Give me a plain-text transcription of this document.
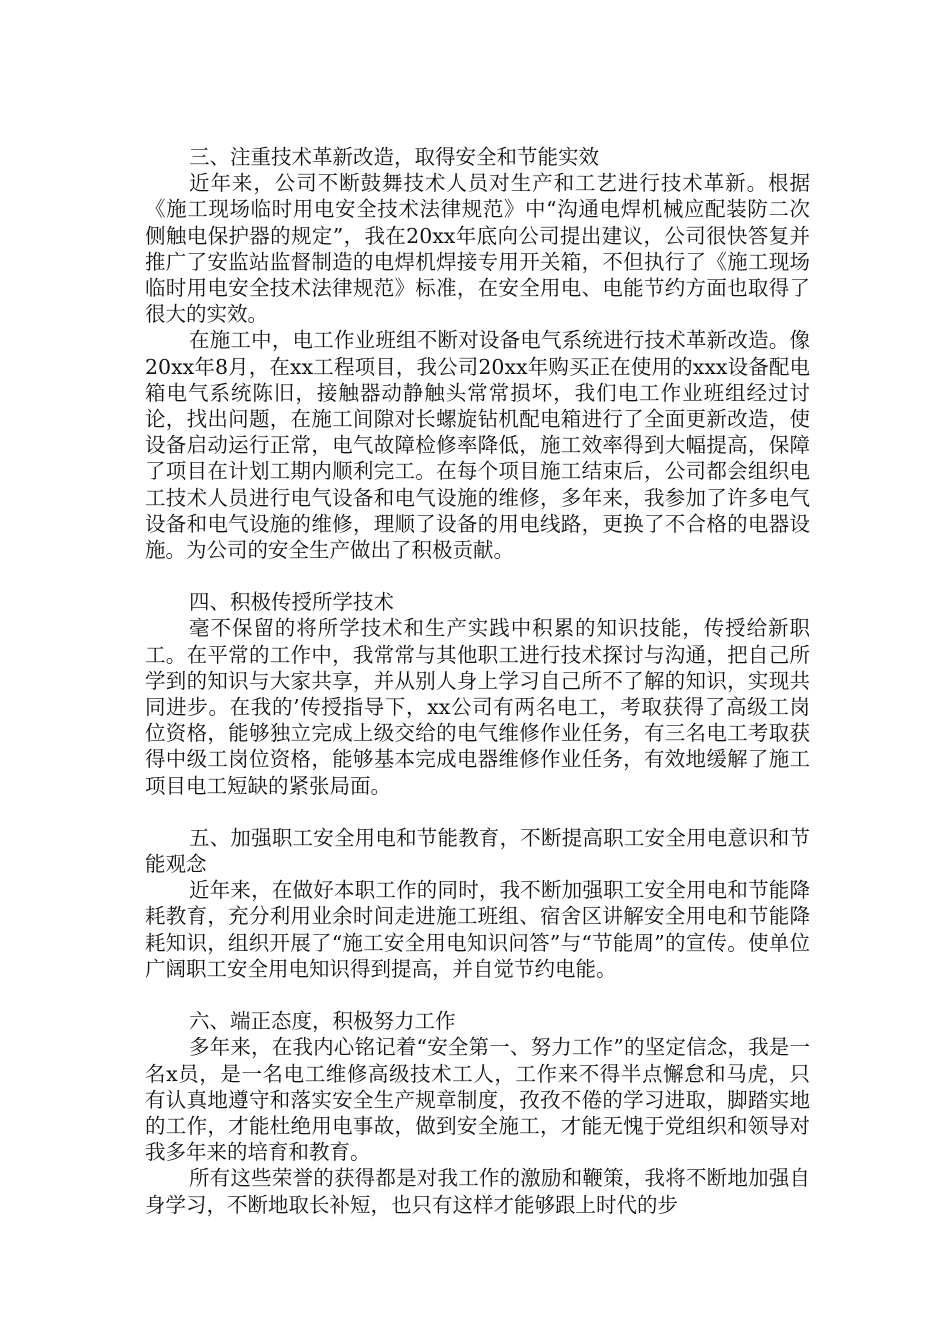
三、注重技术革新改造，取得安全和节能实效

近年来，公司不断鼓舞技术人员对生产和工艺进行技术革新。根据《施工现场临时用电安全技术法律规范》中“沟通电焊机械应配装防二次侧触电保护器的规定”，我在20xx年底向公司提出建议，公司很快答复并推广了安监站监督制造的电焊机焊接专用开关箱，不但执行了《施工现场临时用电安全技术法律规范》标准，在安全用电、电能节约方面也取得了很大的实效。

在施工中，电工作业班组不断对设备电气系统进行技术革新改造。像20xx年8月，在xx工程项目，我公司20xx年购买正在使用的xxx设备配电箱电气系统陈旧，接触器动静触头常常损坏，我们电工作业班组经过讨论，找出问题，在施工间隙对长螺旋钻机配电箱进行了全面更新改造，使设备启动运行正常，电气故障检修率降低，施工效率得到大幅提高，保障了项目在计划工期内顺利完工。在每个项目施工结束后，公司都会组织电工技术人员进行电气设备和电气设施的维修，多年来，我参加了许多电气设备和电气设施的维修，理顺了设备的用电线路，更换了不合格的电器设施。为公司的安全生产做出了积极贡献。

四、积极传授所学技术

毫不保留的将所学技术和生产实践中积累的知识技能，传授给新职工。在平常的工作中，我常常与其他职工进行技术探讨与沟通，把自己所学到的知识与大家共享，并从别人身上学习自己所不了解的知识，实现共同进步。在我的’传授指导下，xx公司有两名电工，考取获得了高级工岗位资格，能够独立完成上级交给的电气维修作业任务，有三名电工考取获得中级工岗位资格，能够基本完成电器维修作业任务，有效地缓解了施工项目电工短缺的紧张局面。

五、加强职工安全用电和节能教育，不断提高职工安全用电意识和节能观念

近年来，在做好本职工作的同时，我不断加强职工安全用电和节能降耗教育，充分利用业余时间走进施工班组、宿舍区讲解安全用电和节能降耗知识，组织开展了“施工安全用电知识问答”与“节能周”的宣传。使单位广阔职工安全用电知识得到提高，并自觉节约电能。

六、端正态度，积极努力工作

多年来，在我内心铭记着“安全第一、努力工作”的坚定信念，我是一名x员，是一名电工维修高级技术工人，工作来不得半点懈怠和马虎，只有认真地遵守和落实安全生产规章制度，孜孜不倦的学习进取，脚踏实地的工作，才能杜绝用电事故，做到安全施工，才能无愧于党组织和领导对我多年来的培育和教育。

所有这些荣誉的获得都是对我工作的激励和鞭策，我将不断地加强自身学习，不断地取长补短，也只有这样才能够跟上时代的步
